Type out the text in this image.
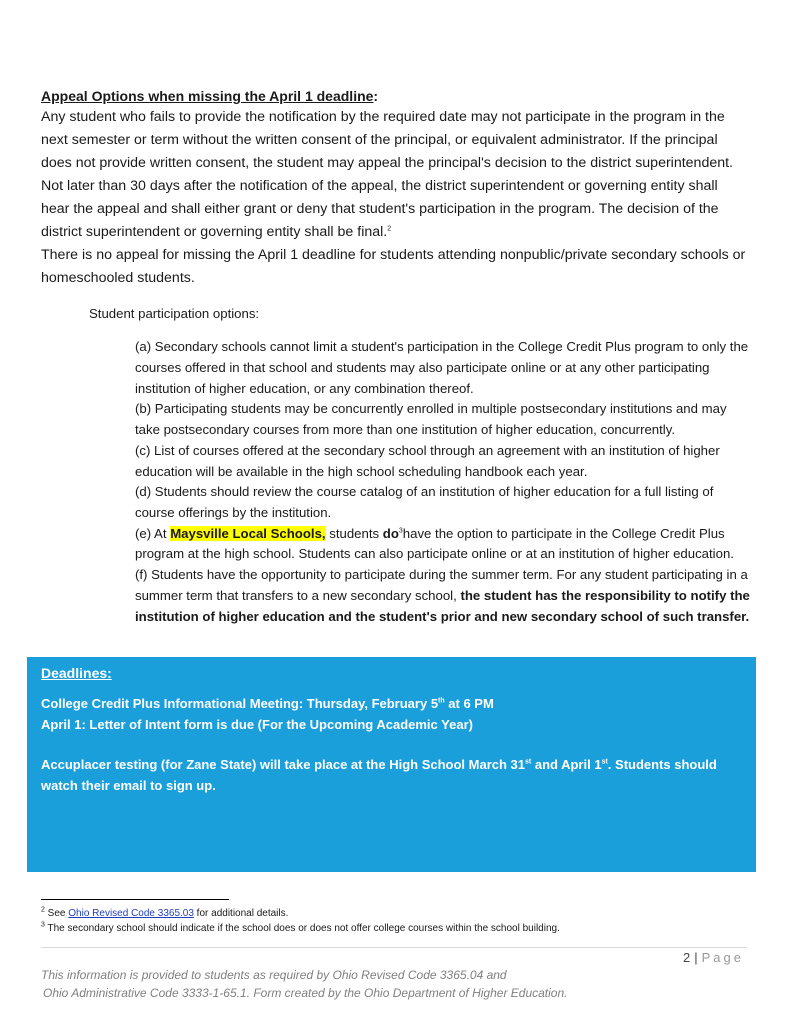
Appeal Options when missing the April 1 deadline:

Any student who fails to provide the notification by the required date may not participate in the program in the next semester or term without the written consent of the principal, or equivalent administrator. If the principal does not provide written consent, the student may appeal the principal's decision to the district superintendent. Not later than 30 days after the notification of the appeal, the district superintendent or governing entity shall hear the appeal and shall either grant or deny that student's participation in the program. The decision of the district superintendent or governing entity shall be final.$^2$

There is no appeal for missing the April 1 deadline for students attending nonpublic/private secondary schools or homeschooled students.

Student participation options:

(a) Secondary schools cannot limit a student's participation in the College Credit Plus program to only the courses offered in that school and students may also participate online or at any other participating institution of higher education, or any combination thereof.

(b) Participating students may be concurrently enrolled in multiple postsecondary institutions and may take postsecondary courses from more than one institution of higher education, concurrently.

(c) List of courses offered at the secondary school through an agreement with an institution of higher education will be available in the high school scheduling handbook each year.

(d) Students should review the course catalog of an institution of higher education for a full listing of course offerings by the institution.

(e) At Maysville Local Schools, students $do^3have$ the option to participate in the College Credit Plus program at the high school. Students can also participate online or at an institution of higher education.

(f) Students have the opportunity to participate during the summer term. For any student participating in a summer term that transfers to a new secondary school, the student has the responsibility to notify the institution of higher education and the student's prior and new secondary school of such transfer.

Deadlines:

College Credit Plus Informational Meeting: Thursday, February 5th at 6 PM

April 1: Letter of Intent form is due (For the Upcoming Academic Year)

Accuplacer testing (for Zane State) will take place at the High School March 31st and April 1st. Students should watch their email to sign up.

$^2$ See Ohio Revised Code 3365.03 for additional details.

$^3$ The secondary school should indicate if the school does or does not offer college courses within the school building.

2 | Page

This information is provided to students as required by Ohio Revised Code 3365.04 and

Ohio Administrative Code 3333-1-65.1. Form created by the Ohio Department of Higher Education.
